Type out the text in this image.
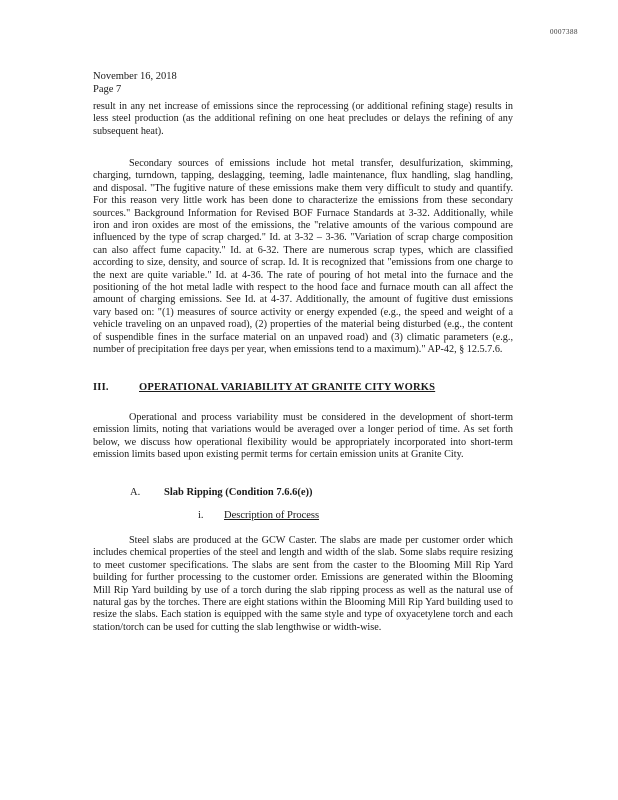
0007388
November 16, 2018
Page 7

result in any net increase of emissions since the reprocessing (or additional refining stage) results in less steel production (as the additional refining on one heat precludes or delays the refining of any subsequent heat).

Secondary sources of emissions include hot metal transfer, desulfurization, skimming, charging, turndown, tapping, deslagging, teeming, ladle maintenance, flux handling, slag handling, and disposal. "The fugitive nature of these emissions make them very difficult to study and quantify. For this reason very little work has been done to characterize the emissions from these secondary sources." Background Information for Revised BOF Furnace Standards at 3-32. Additionally, while iron and iron oxides are most of the emissions, the "relative amounts of the various compound are influenced by the type of scrap charged." Id. at 3-32 – 3-36. "Variation of scrap charge composition can also affect fume capacity." Id. at 6-32. There are numerous scrap types, which are classified according to size, density, and source of scrap. Id. It is recognized that "emissions from one charge to the next are quite variable." Id. at 4-36. The rate of pouring of hot metal into the furnace and the positioning of the hot metal ladle with respect to the hood face and furnace mouth can all affect the amount of charging emissions. See Id. at 4-37. Additionally, the amount of fugitive dust emissions vary based on: "(1) measures of source activity or energy expended (e.g., the speed and weight of a vehicle traveling on an unpaved road), (2) properties of the material being disturbed (e.g., the content of suspendible fines in the surface material on an unpaved road) and (3) climatic parameters (e.g., number of precipitation free days per year, when emissions tend to a maximum)." AP-42, § 12.5.7.6.

III.	OPERATIONAL VARIABILITY AT GRANITE CITY WORKS

Operational and process variability must be considered in the development of short-term emission limits, noting that variations would be averaged over a longer period of time. As set forth below, we discuss how operational flexibility would be appropriately incorporated into short-term emission limits based upon existing permit terms for certain emission units at Granite City.

A. Slab Ripping (Condition 7.6.6(e))
i. Description of Process

Steel slabs are produced at the GCW Caster. The slabs are made per customer order which includes chemical properties of the steel and length and width of the slab. Some slabs require resizing to meet customer specifications. The slabs are sent from the caster to the Blooming Mill Rip Yard building for further processing to the customer order. Emissions are generated within the Blooming Mill Rip Yard building by use of a torch during the slab ripping process as well as the natural use of natural gas by the torches. There are eight stations within the Blooming Mill Rip Yard building used to resize the slabs. Each station is equipped with the same style and type of oxyacetylene torch and each station/torch can be used for cutting the slab lengthwise or width-wise.
